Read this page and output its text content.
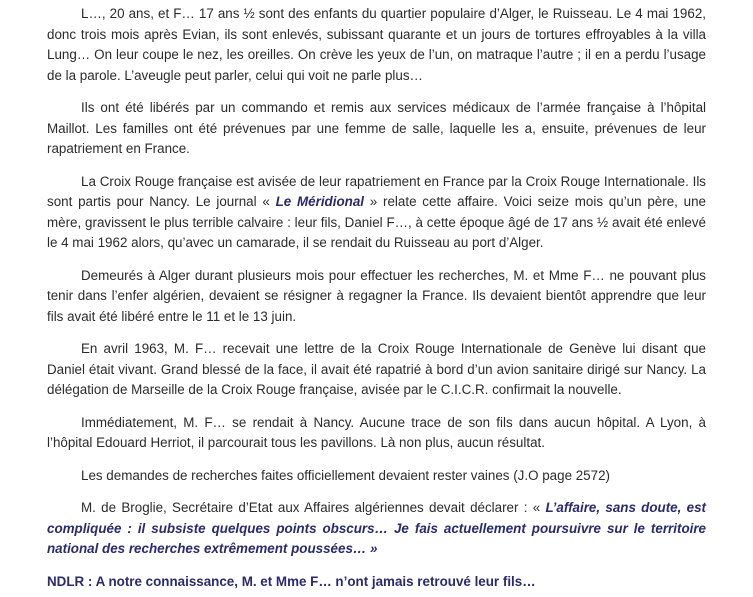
L…, 20 ans, et F… 17 ans ½ sont des enfants du quartier populaire d’Alger, le Ruisseau. Le 4 mai 1962, donc trois mois après Evian, ils sont enlevés, subissant quarante et un jours de tortures effroyables à la villa Lung… On leur coupe le nez, les oreilles. On crève les yeux de l’un, on matraque l’autre ; il en a perdu l’usage de la parole. L’aveugle peut parler, celui qui voit ne parle plus…

Ils ont été libérés par un commando et remis aux services médicaux de l’armée française à l’hôpital Maillot. Les familles ont été prévenues par une femme de salle, laquelle les a, ensuite, prévenues de leur rapatriement en France.

La Croix Rouge française est avisée de leur rapatriement en France par la Croix Rouge Internationale. Ils sont partis pour Nancy. Le journal « Le Méridional » relate cette affaire. Voici seize mois qu’un père, une mère, gravissent le plus terrible calvaire : leur fils, Daniel F…, à cette époque âgé de 17 ans ½ avait été enlevé le 4 mai 1962 alors, qu’avec un camarade, il se rendait du Ruisseau au port d’Alger.

Demeurés à Alger durant plusieurs mois pour effectuer les recherches, M. et Mme F… ne pouvant plus tenir dans l’enfer algérien, devaient se résigner à regagner la France. Ils devaient bientôt apprendre que leur fils avait été libéré entre le 11 et le 13 juin.

En avril 1963, M. F… recevait une lettre de la Croix Rouge Internationale de Genève lui disant que Daniel était vivant. Grand blessé de la face, il avait été rapatrié à bord d’un avion sanitaire dirigé sur Nancy. La délégation de Marseille de la Croix Rouge française, avisée par le C.I.C.R. confirmait la nouvelle.

Immédiatement, M. F… se rendait à Nancy. Aucune trace de son fils dans aucun hôpital. A Lyon, à l’hôpital Edouard Herriot, il parcourait tous les pavillons. Là non plus, aucun résultat.

Les demandes de recherches faites officiellement devaient rester vaines (J.O page 2572)

M. de Broglie, Secrétaire d’Etat aux Affaires algériennes devait déclarer : « L’affaire, sans doute, est compliquée : il subsiste quelques points obscurs… Je fais actuellement poursuivre sur le territoire national des recherches extrêmement poussées… »

NDLR : A notre connaissance, M. et Mme F… n’ont jamais retrouvé leur fils…
